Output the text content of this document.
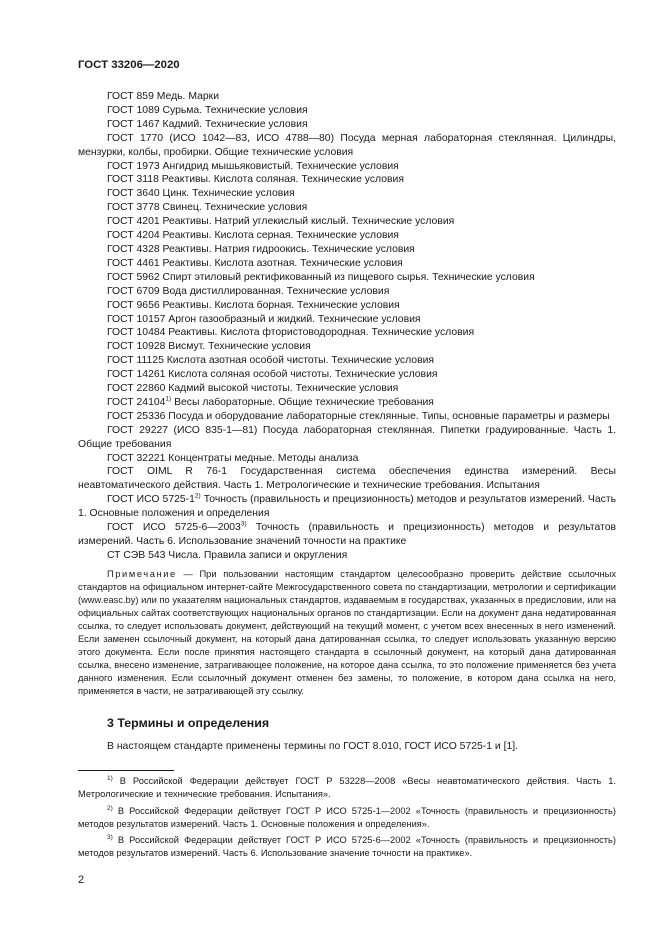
ГОСТ 33206—2020

ГОСТ 859 Медь. Марки

ГОСТ 1089 Сурьма. Технические условия

ГОСТ 1467 Кадмий. Технические условия

ГОСТ 1770 (ИСО 1042—83, ИСО 4788—80) Посуда мерная лабораторная стеклянная. Цилиндры, мензурки, колбы, пробирки. Общие технические условия

ГОСТ 1973 Ангидрид мышьяковистый. Технические условия

ГОСТ 3118 Реактивы. Кислота соляная. Технические условия

ГОСТ 3640 Цинк. Технические условия

ГОСТ 3778 Свинец. Технические условия

ГОСТ 4201 Реактивы. Натрий углекислый кислый. Технические условия

ГОСТ 4204 Реактивы. Кислота серная. Технические условия

ГОСТ 4328 Реактивы. Натрия гидроокись. Технические условия

ГОСТ 4461 Реактивы. Кислота азотная. Технические условия

ГОСТ 5962 Спирт этиловый ректификованный из пищевого сырья. Технические условия

ГОСТ 6709 Вода дистиллированная. Технические условия

ГОСТ 9656 Реактивы. Кислота борная. Технические условия

ГОСТ 10157 Аргон газообразный и жидкий. Технические условия

ГОСТ 10484 Реактивы. Кислота фтористоводородная. Технические условия

ГОСТ 10928 Висмут. Технические условия

ГОСТ 11125 Кислота азотная особой чистоты. Технические условия

ГОСТ 14261 Кислота соляная особой чистоты. Технические условия

ГОСТ 22860 Кадмий высокой чистоты. Технические условия

ГОСТ 24104$^{1)}$ Весы лабораторные. Общие технические требования

ГОСТ 25336 Посуда и оборудование лабораторные стеклянные. Типы, основные параметры и размеры

ГОСТ 29227 (ИСО 835-1—81) Посуда лабораторная стеклянная. Пипетки градуированные. Часть 1. Общие требования

ГОСТ 32221 Концентраты медные. Методы анализа

ГОСТ OIML R 76-1 Государственная система обеспечения единства измерений. Весы неавтоматического действия. Часть 1. Метрологические и технические требования. Испытания

ГОСТ ИСО 5725-1$^{2)}$ Точность (правильность и прецизионность) методов и результатов измерений. Часть 1. Основные положения и определения

ГОСТ ИСО 5725-6—2003$^{3)}$ Точность (правильность и прецизионность) методов и результатов измерений. Часть 6. Использование значений точности на практике

СТ СЭВ 543 Числа. Правила записи и округления

Примечание — При пользовании настоящим стандартом целесообразно проверить действие ссылочных стандартов на официальном интернет-сайте Межгосударственного совета по стандартизации, метрологии и сертификации (www.easc.by) или по указателям национальных стандартов, издаваемым в государствах, указанных в предисловии, или на официальных сайтах соответствующих национальных органов по стандартизации. Если на документ дана недатированная ссылка, то следует использовать документ, действующий на текущий момент, с учетом всех внесенных в него изменений. Если заменен ссылочный документ, на который дана датированная ссылка, то следует использовать указанную версию этого документа. Если после принятия настоящего стандарта в ссылочный документ, на который дана датированная ссылка, внесено изменение, затрагивающее положение, на которое дана ссылка, то это положение применяется без учета данного изменения. Если ссылочный документ отменен без замены, то положение, в котором дана ссылка на него, применяется в части, не затрагивающей эту ссылку.

3 Термины и определения

В настоящем стандарте применены термины по ГОСТ 8.010, ГОСТ ИСО 5725-1 и [1].

$^{1)}$ В Российской Федерации действует ГОСТ Р 53228—2008 «Весы неавтоматического действия. Часть 1. Метрологические и технические требования. Испытания».

$^{2)}$ В Российской Федерации действует ГОСТ Р ИСО 5725-1—2002 «Точность (правильность и прецизионность) методов результатов измерений. Часть 1. Основные положения и определения».

$^{3)}$ В Российской Федерации действует ГОСТ Р ИСО 5725-6—2002 «Точность (правильность и прецизионность) методов результатов измерений. Часть 6. Использование значение точности на практике».

2
